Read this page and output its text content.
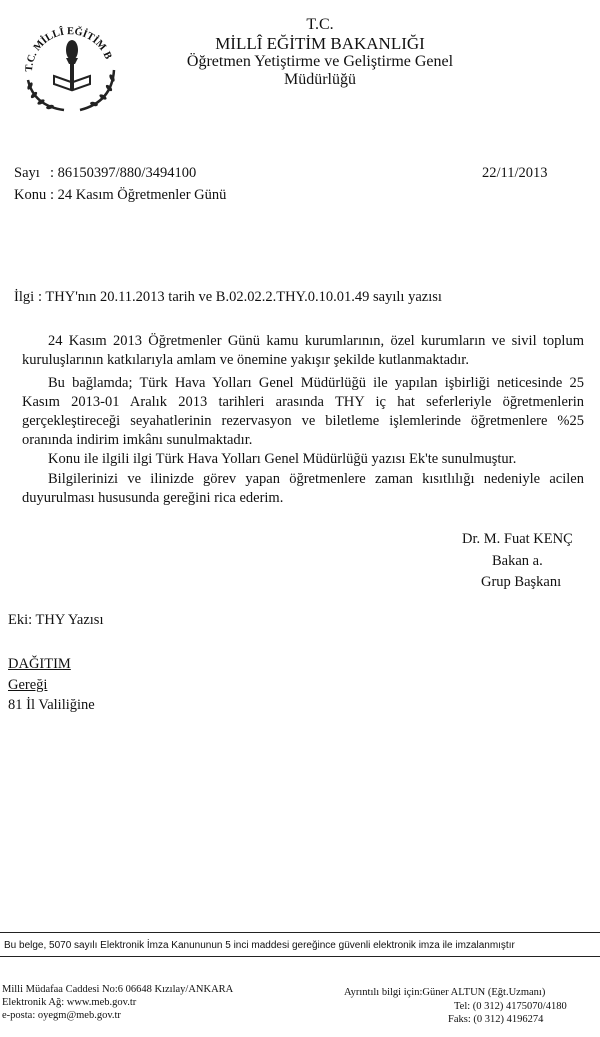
T.C. MİLLÎ EĞİTİM B
T.C.
MİLLÎ EĞİTİM BAKANLIĞI
Öğretmen Yetiştirme ve Geliştirme Genel Müdürlüğü
Sayı : 86150397/880/3494100	22/11/2013
Konu : 24 Kasım Öğretmenler Günü
İlgi : THY'nın 20.11.2013 tarih ve B.02.02.2.THY.0.10.01.49 sayılı yazısı
24 Kasım 2013 Öğretmenler Günü kamu kurumlarının, özel kurumların ve sivil toplum
kuruluşlarının katkılarıyla amlam ve önemine yakışır şekilde kutlanmaktadır.
Bu bağlamda; Türk Hava Yolları Genel Müdürlüğü ile yapılan işbirliği neticesinde 25
Kasım 2013-01 Aralık 2013 tarihleri arasında THY iç hat seferleriyle öğretmenlerin
gerçekleştireceği seyahatlerinin rezervasyon ve biletleme işlemlerinde öğretmenlere %25
oranında indirim imkânı sunulmaktadır.
Konu ile ilgili ilgi Türk Hava Yolları Genel Müdürlüğü yazısı Ek'te sunulmuştur.
Bilgilerinizi ve ilinizde görev yapan öğretmenlere zaman kısıtlılığı nedeniyle acilen
duyurulması hususunda gereğini rica ederim.
Dr. M. Fuat KENÇ
Bakan a.
Grup Başkanı
Eki: THY Yazısı
DAĞITIM
Gereği
81 İl Valiliğine
Bu belge, 5070 sayılı Elektronik İmza Kanununun 5 inci maddesi gereğince güvenli elektronik imza ile imzalanmıştır
Milli Müdafaa Caddesi No:6 06648 Kızılay/ANKARA
Elektronik Ağ: www.meb.gov.tr
e-posta: oyegm@meb.gov.tr
Ayrıntılı bilgi için:Güner ALTUN (Eğt.Uzmanı)
Tel: (0 312) 4175070/4180
Faks: (0 312) 4196274
